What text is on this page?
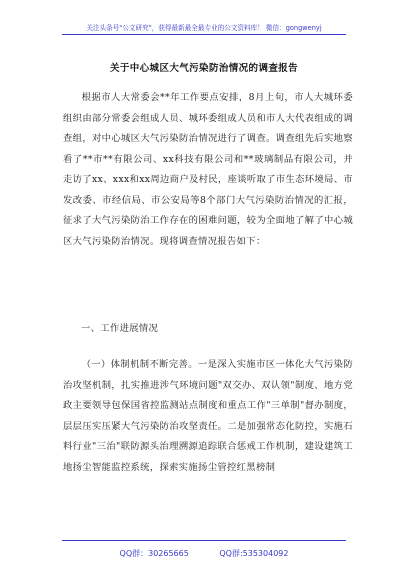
关注头条号"公文研究"，获得最新最全最专业的公文资料库！ 微信：gongwenyj
关于中心城区大气污染防治情况的调查报告

根据市人大常委会**年工作要点安排，8月上旬，市人大城环委组织由部分常委会组成人员、城环委组成人员和市人大代表组成的调查组，对中心城区大气污染防治情况进行了调查。调查组先后实地察看了**市**有限公司、xx科技有限公司和**玻璃制品有限公司，并走访了xx、xxx和xx周边商户及村民，座谈听取了市生态环境局、市发改委、市经信局、市公安局等8个部门大气污染防治情况的汇报，征求了大气污染防治工作存在的困难问题，较为全面地了解了中心城区大气污染防治情况。现将调查情况报告如下：

一、工作进展情况

（一）体制机制不断完善。一是深入实施市区一体化大气污染防治攻坚机制，扎实推进涉气环境问题"双交办、双认领"制度、地方党政主要领导包保国省控监测站点制度和重点工作"三单制"督办制度，层层压实压紧大气污染防治攻坚责任。二是加强常态化防控，实施石料行业"三治"联防源头治理溯源追踪联合惩戒工作机制，建设建筑工地扬尘智能监控系统，探索实施扬尘管控红黑榜制

QQ群：30265665	QQ群:535304092
